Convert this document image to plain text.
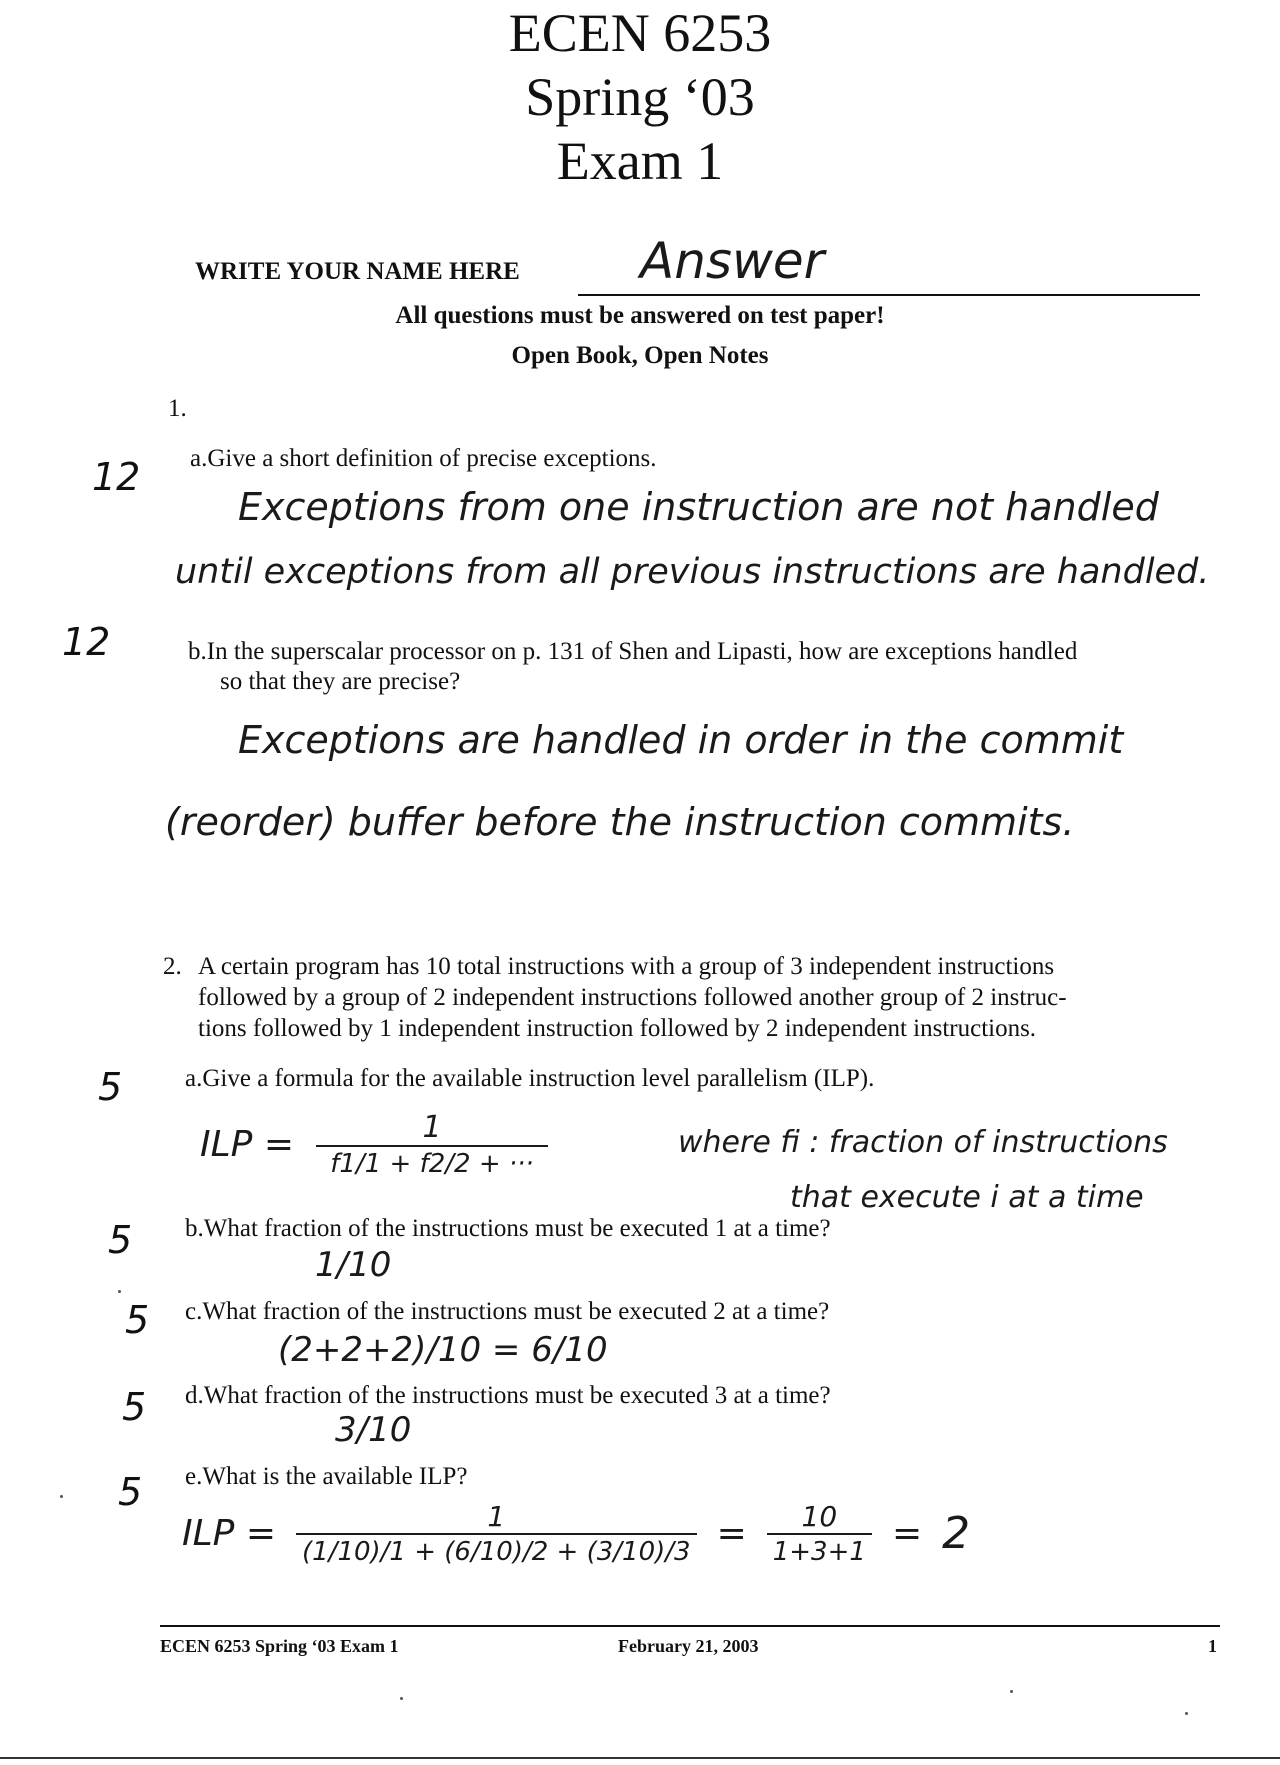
ECEN 6253
Spring ‘03
Exam 1
WRITE YOUR NAME HERE Answer
All questions must be answered on test paper!
Open Book, Open Notes
1.
12 a.Give a short definition of precise exceptions.
Exceptions from one instruction are not handled
until exceptions from all previous instructions are handled.
12	b.In the superscalar processor on p. 131 of Shen and Lipasti, how are exceptions handled
so that they are precise?
Exceptions are handled in order in the commit
(reorder) buffer before the instruction commits.
2. A certain program has 10 total instructions with a group of 3 independent instructions
followed by a group of 2 independent instructions followed another group of 2 instruc-
tions followed by 1 independent instruction followed by 2 independent instructions.
5	a.Give a formula for the available instruction level parallelism (ILP).
ILP = $\frac{1}{f1/1 + f2/2 + \cdot\cdot\cdot}$	where fi : fraction of instructions
that execute i at a time
5 b.What fraction of the instructions must be executed 1 at a time?
1/10
5 c.What fraction of the instructions must be executed 2 at a time?
(2+2+2)/10 = 6/10
5 d.What fraction of the instructions must be executed 3 at a time?
3/10
5 e.What is the available ILP?
ILP = $\frac{1}{(1/10)/1 + (6/10)/2 + (3/10)/3} = \frac{10}{1+3+1} = 2$
ECEN 6253 Spring ‘03 Exam 1	February 21, 2003	1
